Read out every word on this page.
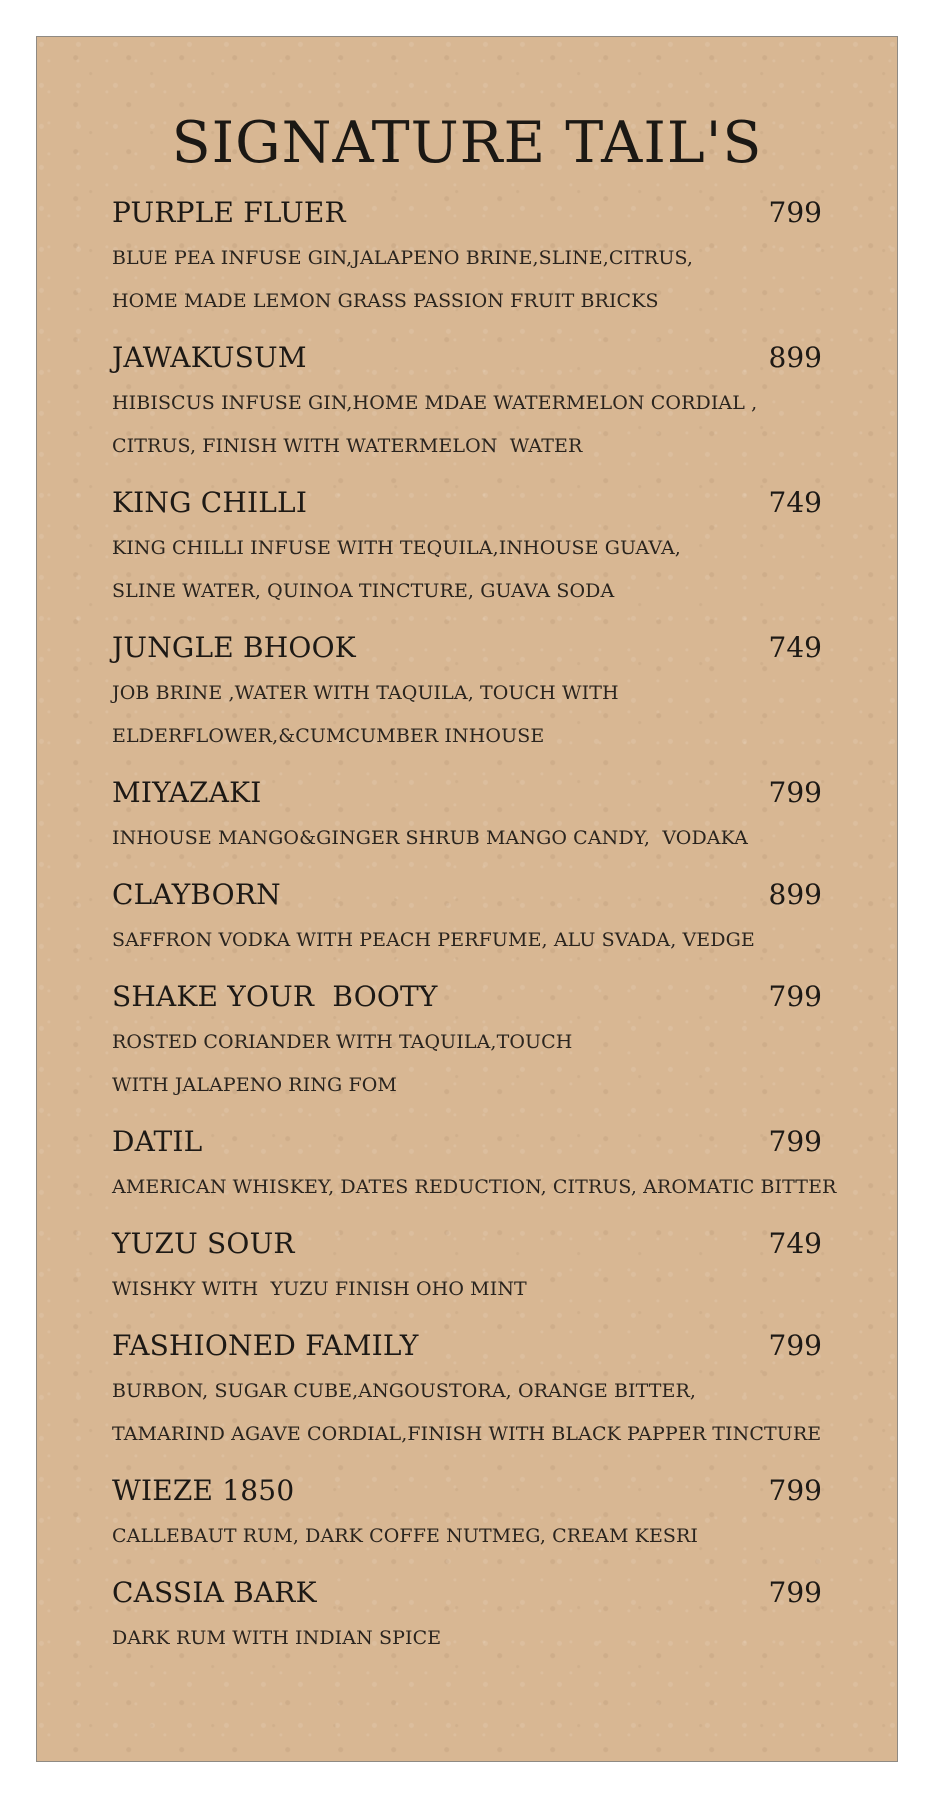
SIGNATURE TAIL'S
PURPLE FLUER	799
BLUE PEA INFUSE GIN,JALAPENO BRINE,SLINE,CITRUS,
HOME MADE LEMON GRASS PASSION FRUIT BRICKS
JAWAKUSUM	899
HIBISCUS INFUSE GIN,HOME MDAE WATERMELON CORDIAL ,
CITRUS, FINISH WITH WATERMELON  WATER
KING CHILLI	749
KING CHILLI INFUSE WITH TEQUILA,INHOUSE GUAVA,
SLINE WATER, QUINOA TINCTURE, GUAVA SODA
JUNGLE BHOOK	749
JOB BRINE ,WATER WITH TAQUILA, TOUCH WITH
ELDERFLOWER,&CUMCUMBER INHOUSE
MIYAZAKI	799
INHOUSE MANGO&GINGER SHRUB MANGO CANDY,  VODAKA
CLAYBORN	899
SAFFRON VODKA WITH PEACH PERFUME, ALU SVADA, VEDGE
SHAKE YOUR  BOOTY	799
ROSTED CORIANDER WITH TAQUILA,TOUCH
WITH JALAPENO RING FOM
DATIL	799
AMERICAN WHISKEY, DATES REDUCTION, CITRUS, AROMATIC BITTER
YUZU SOUR	749
WISHKY WITH  YUZU FINISH OHO MINT
FASHIONED FAMILY	799
BURBON, SUGAR CUBE,ANGOUSTORA, ORANGE BITTER,
TAMARIND AGAVE CORDIAL,FINISH WITH BLACK PAPPER TINCTURE
WIEZE 1850	799
CALLEBAUT RUM, DARK COFFE NUTMEG, CREAM KESRI
CASSIA BARK	799
DARK RUM WITH INDIAN SPICE
